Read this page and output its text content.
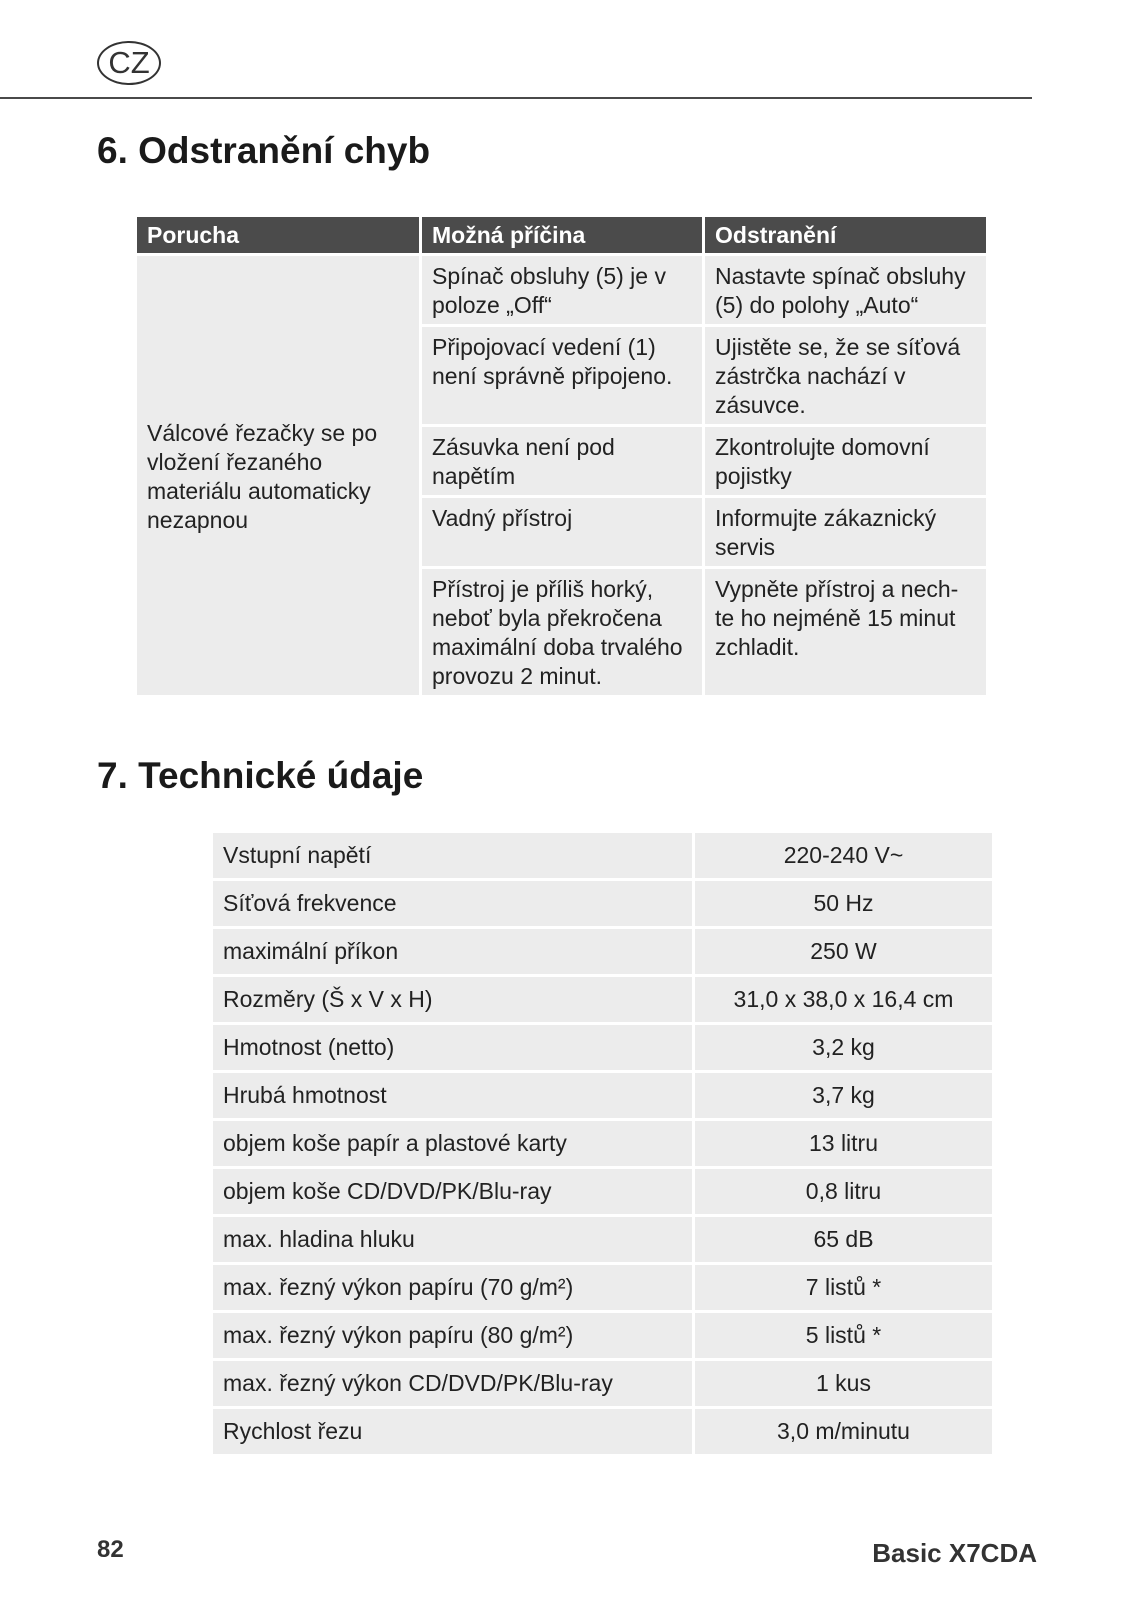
CZ
6. Odstranění chyb
Porucha	Možná příčina	Odstranění
Válcové řezačky se po vložení řezaného materiálu automaticky nezapnou	Spínač obsluhy (5) je v poloze „Off“	Nastavte spínač obsluhy (5) do polohy „Auto“
	Připojovací vedení (1) není správně připojeno.	Ujistěte se, že se síťová zástrčka nachází v zásuvce.
	Zásuvka není pod napětím	Zkontrolujte domovní pojistky
	Vadný přístroj	Informujte zákaznický servis
	Přístroj je příliš horký, neboť byla překročena maximální doba trvalého provozu 2 minut.	Vypněte přístroj a nech-te ho nejméně 15 minut zchladit.
7. Technické údaje
Vstupní napětí	220-240 V~
Síťová frekvence	50 Hz
maximální příkon	250 W
Rozměry (Š x V x H)	31,0 x 38,0 x 16,4 cm
Hmotnost (netto)	3,2 kg
Hrubá hmotnost	3,7 kg
objem koše papír a plastové karty	13 litru
objem koše CD/DVD/PK/Blu-ray	0,8 litru
max. hladina hluku	65 dB
max. řezný výkon papíru (70 g/m²)	7 listů *
max. řezný výkon papíru (80 g/m²)	5 listů *
max. řezný výkon CD/DVD/PK/Blu-ray	1 kus
Rychlost řezu	3,0 m/minutu
82	Basic X7CDA
